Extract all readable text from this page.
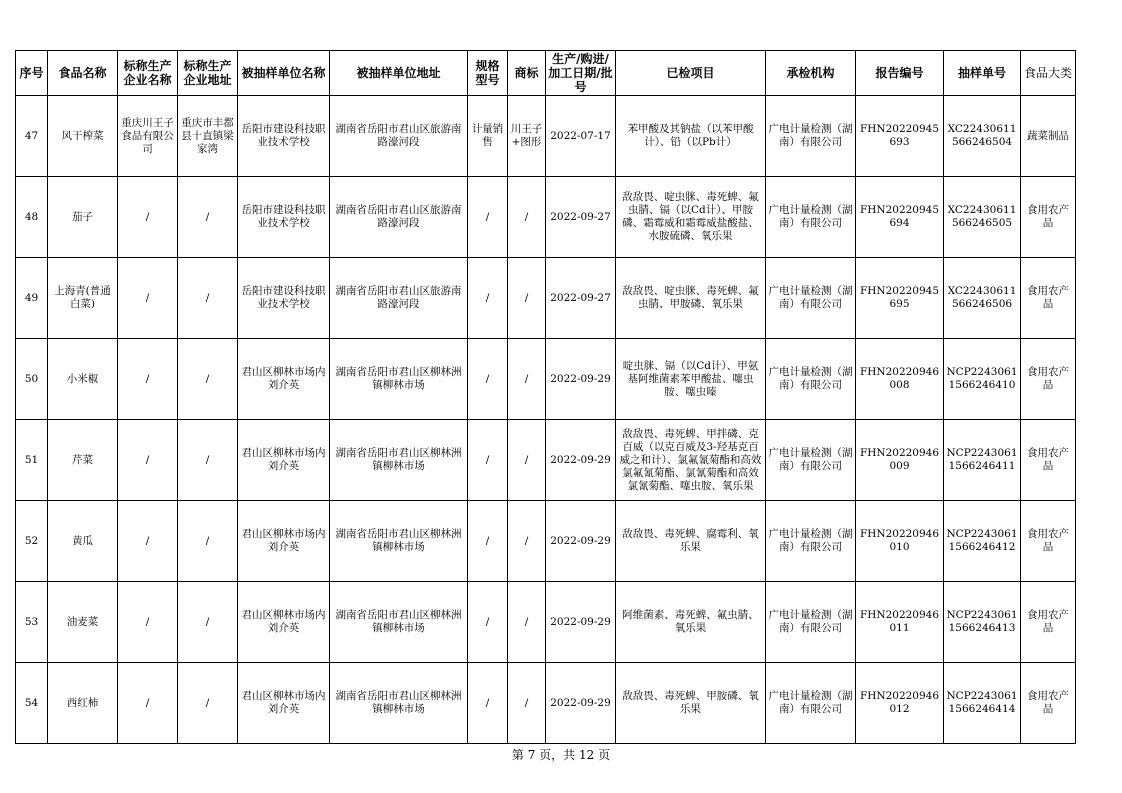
序号	食品名称	标称生产企业名称	标称生产企业地址	被抽样单位名称	被抽样单位地址	规格型号	商标	生产/购进/加工日期/批号	已检项目	承检机构	报告编号	抽样单号	食品大类
47	风干榨菜	重庆川王子食品有限公司	重庆市丰都县十直镇梁家湾	岳阳市建设科技职业技术学校	湖南省岳阳市君山区旅游南路濠河段	计量销售	川王子+图形	2022-07-17	苯甲酸及其钠盐（以苯甲酸计）、铅（以Pb计）	广电计量检测（湖南）有限公司	FHN20220945693	XC22430611566246504	蔬菜制品
48	茄子	/	/	岳阳市建设科技职业技术学校	湖南省岳阳市君山区旅游南路濠河段	/	/	2022-09-27	敌敌畏、啶虫脒、毒死蜱、氟虫腈、镉（以Cd计）、甲胺磷、霜霉威和霜霉威盐酸盐、水胺硫磷、氧乐果	广电计量检测（湖南）有限公司	FHN20220945694	XC22430611566246505	食用农产品
49	上海青(普通白菜)	/	/	岳阳市建设科技职业技术学校	湖南省岳阳市君山区旅游南路濠河段	/	/	2022-09-27	敌敌畏、啶虫脒、毒死蜱、氟虫腈、甲胺磷、氧乐果	广电计量检测（湖南）有限公司	FHN20220945695	XC22430611566246506	食用农产品
50	小米椒	/	/	君山区柳林市场内刘介英	湖南省岳阳市君山区柳林洲镇柳林市场	/	/	2022-09-29	啶虫脒、镉（以Cd计）、甲氨基阿维菌素苯甲酸盐、噻虫胺、噻虫嗪	广电计量检测（湖南）有限公司	FHN20220946008	NCP22430611566246410	食用农产品
51	芹菜	/	/	君山区柳林市场内刘介英	湖南省岳阳市君山区柳林洲镇柳林市场	/	/	2022-09-29	敌敌畏、毒死蜱、甲拌磷、克百威（以克百威及3-羟基克百威之和计）、氯氟氰菊酯和高效氯氟氰菊酯、氯氰菊酯和高效氯氰菊酯、噻虫胺、氧乐果	广电计量检测（湖南）有限公司	FHN20220946009	NCP22430611566246411	食用农产品
52	黄瓜	/	/	君山区柳林市场内刘介英	湖南省岳阳市君山区柳林洲镇柳林市场	/	/	2022-09-29	敌敌畏、毒死蜱、腐霉利、氧乐果	广电计量检测（湖南）有限公司	FHN20220946010	NCP22430611566246412	食用农产品
53	油麦菜	/	/	君山区柳林市场内刘介英	湖南省岳阳市君山区柳林洲镇柳林市场	/	/	2022-09-29	阿维菌素、毒死蜱、氟虫腈、氧乐果	广电计量检测（湖南）有限公司	FHN20220946011	NCP22430611566246413	食用农产品
54	西红柿	/	/	君山区柳林市场内刘介英	湖南省岳阳市君山区柳林洲镇柳林市场	/	/	2022-09-29	敌敌畏、毒死蜱、甲胺磷、氧乐果	广电计量检测（湖南）有限公司	FHN20220946012	NCP22430611566246414	食用农产品
第 7 页，共 12 页
